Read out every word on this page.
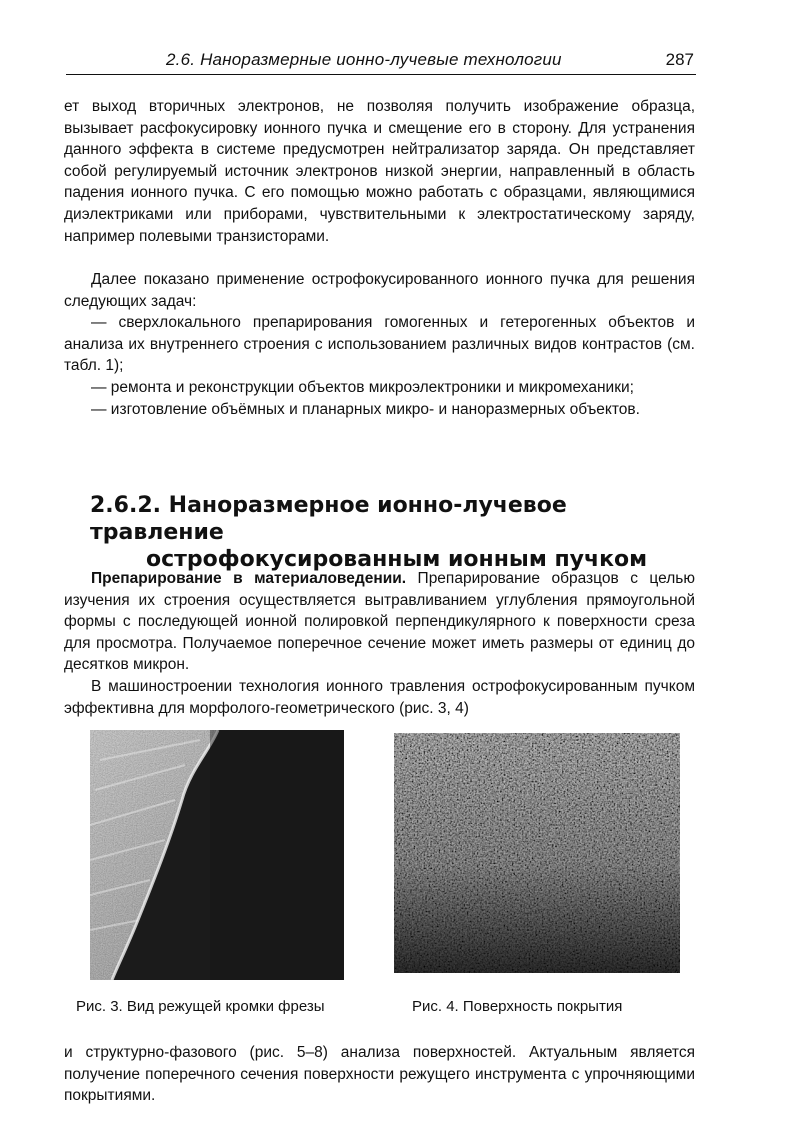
2.6. Наноразмерные ионно-лучевые технологии	287

ет выход вторичных электронов, не позволяя получить изображение образца, вызывает расфокусировку ионного пучка и смещение его в сторону. Для устранения данного эффекта в системе предусмотрен нейтрализатор заряда. Он представляет собой регулируемый источник электронов низкой энергии, направленный в область падения ионного пучка. С его помощью можно работать с образцами, являющимися диэлектриками или приборами, чувствительными к электростатическому заряду, например полевыми транзисторами.

Далее показано применение острофокусированного ионного пучка для решения следующих задач:

— сверхлокального препарирования гомогенных и гетерогенных объектов и анализа их внутреннего строения с использованием различных видов контрастов (см. табл. 1);

— ремонта и реконструкции объектов микроэлектроники и микромеханики;

— изготовление объёмных и планарных микро- и наноразмерных объектов.

2.6.2. Наноразмерное ионно-лучевое травление
острофокусированным ионным пучком

Препарирование в материаловедении. Препарирование образцов с целью изучения их строения осуществляется вытравливанием углубления прямоугольной формы с последующей ионной полировкой перпендикулярного к поверхности среза для просмотра. Получаемое поперечное сечение может иметь размеры от единиц до десятков микрон.

В машиностроении технология ионного травления острофокусированным пучком эффективна для морфолого-геометрического (рис. 3, 4)

Рис. 3. Вид режущей кромки фрезы	Рис. 4. Поверхность покрытия

и структурно-фазового (рис. 5–8) анализа поверхностей. Актуальным является получение поперечного сечения поверхности режущего инструмента с упрочняющими покрытиями.
